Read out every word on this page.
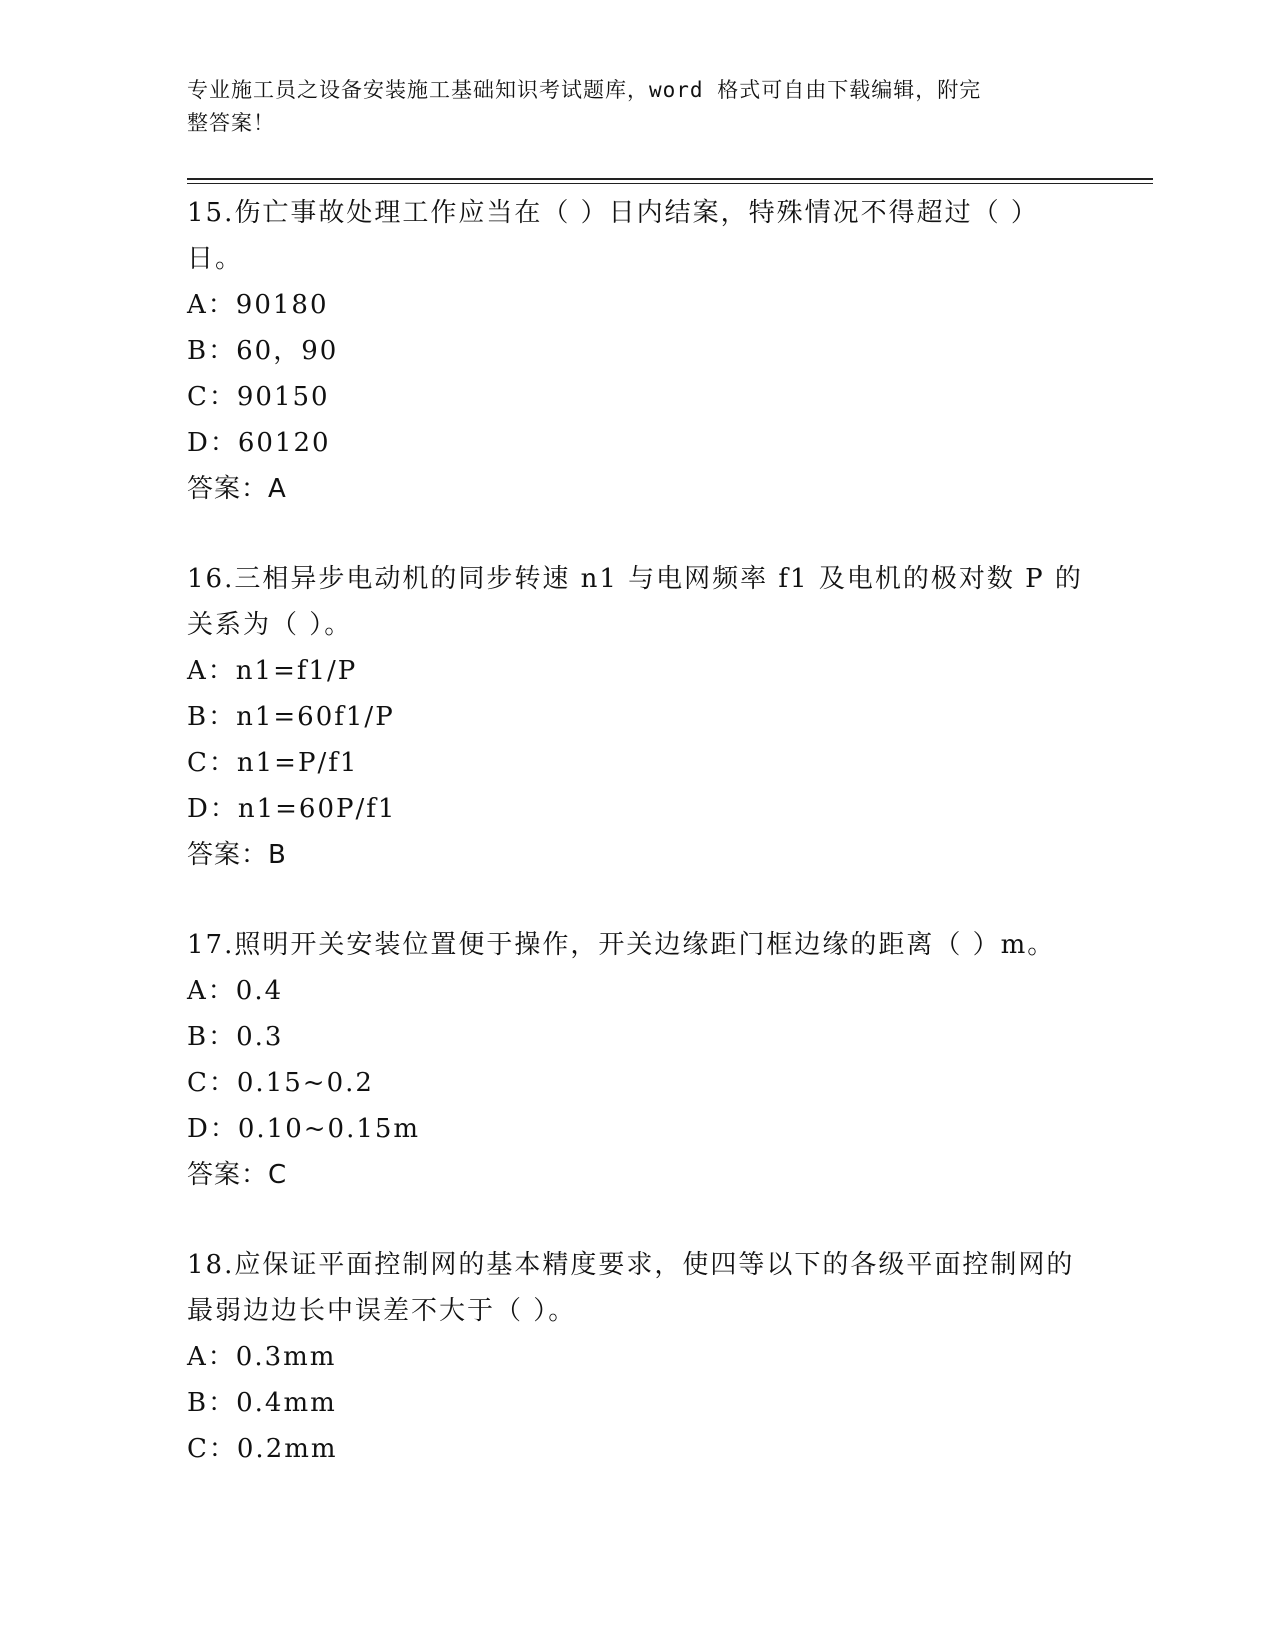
专业施工员之设备安装施工基础知识考试题库，word 格式可自由下载编辑，附完
整答案！
15.伤亡事故处理工作应当在（ ）日内结案，特殊情况不得超过（ ）日。
A：90180
B：60，90
C：90150
D：60120
答案：A
16.三相异步电动机的同步转速 n1 与电网频率 f1 及电机的极对数 P 的关系为（ ）。
A：n1=f1/P
B：n1=60f1/P
C：n1=P/f1
D：n1=60P/f1
答案：B
17.照明开关安装位置便于操作，开关边缘距门框边缘的距离（ ）m。
A：0.4
B：0.3
C：0.15~0.2
D：0.10~0.15m
答案：C
18.应保证平面控制网的基本精度要求，使四等以下的各级平面控制网的最弱边边长中误差不大于（ ）。
A：0.3mm
B：0.4mm
C：0.2mm
